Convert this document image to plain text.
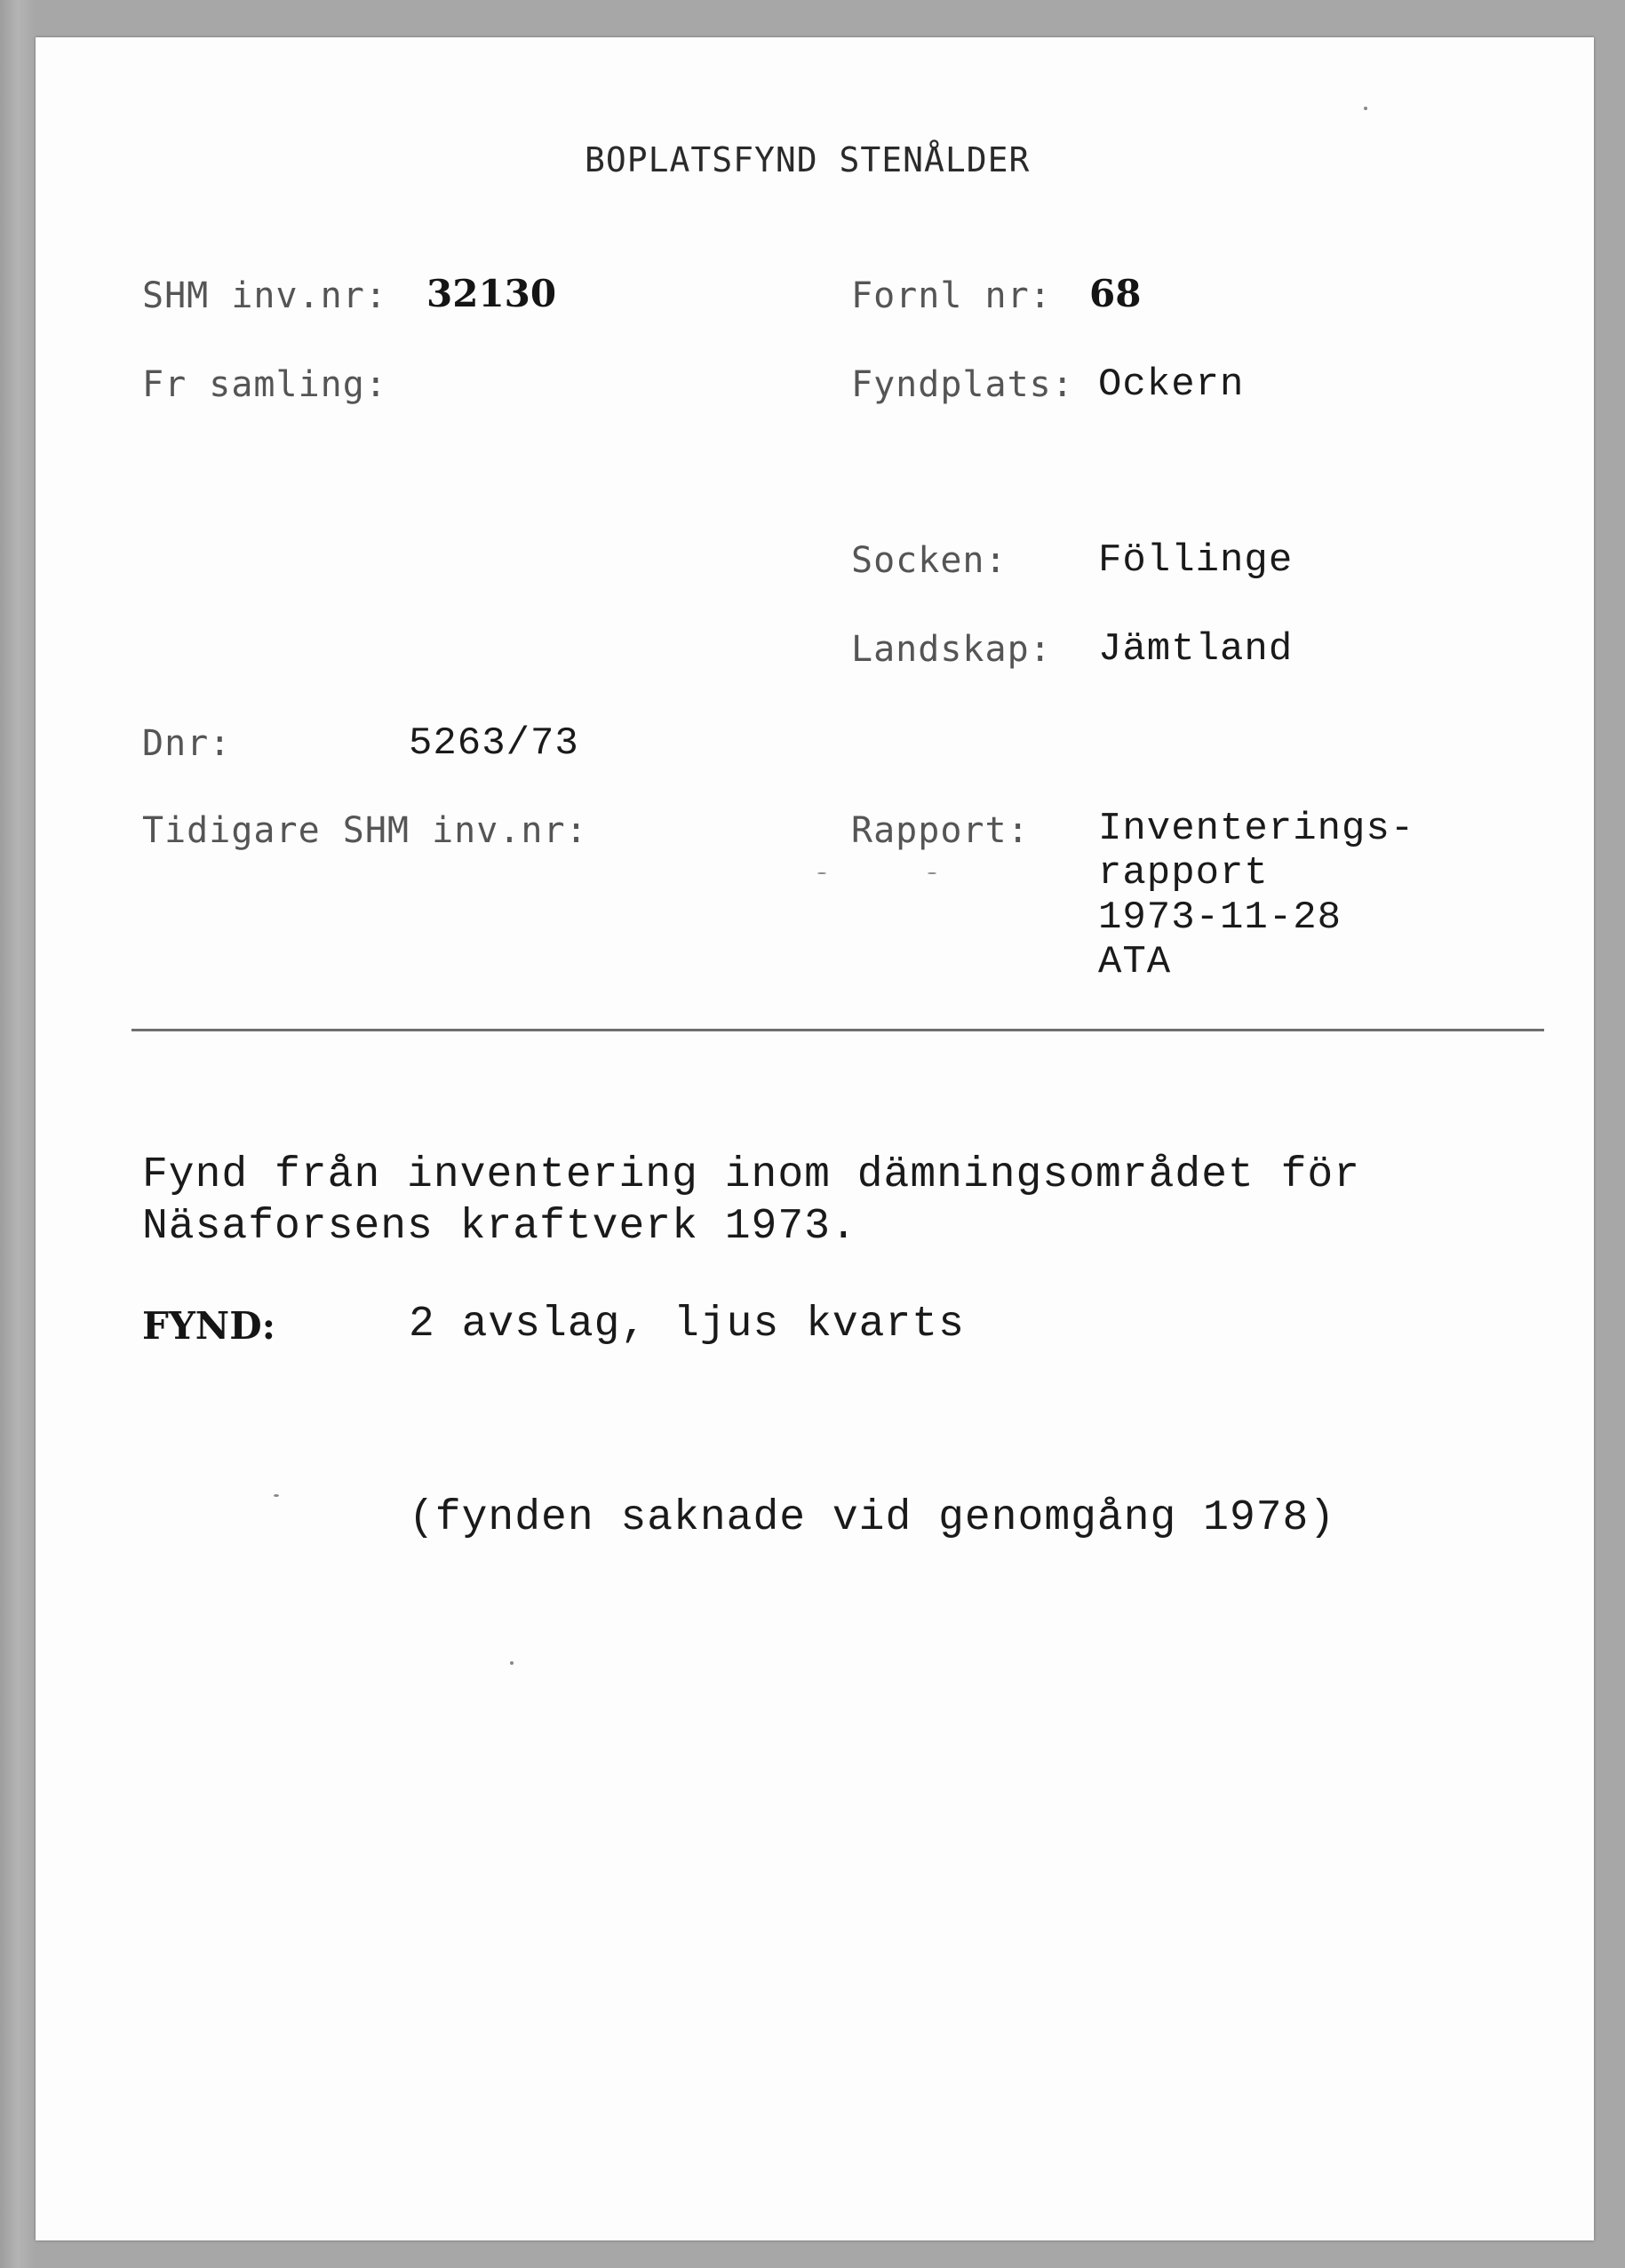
BOPLATSFYND STENÅLDER
SHM inv.nr: 32130	Fornl nr: 68
Fr samling:	Fyndplats: Ockern
Socken: Föllinge
Landskap: Jämtland
Dnr:	5263/73
Tidigare SHM inv.nr:	Rapport: Inventerings-
rapport
1973-11-28
ATA
Fynd från inventering inom dämningsområdet för
Näsaforsens kraftverk 1973.
FYND:	2 avslag, ljus kvarts
(fynden saknade vid genomgång 1978)
